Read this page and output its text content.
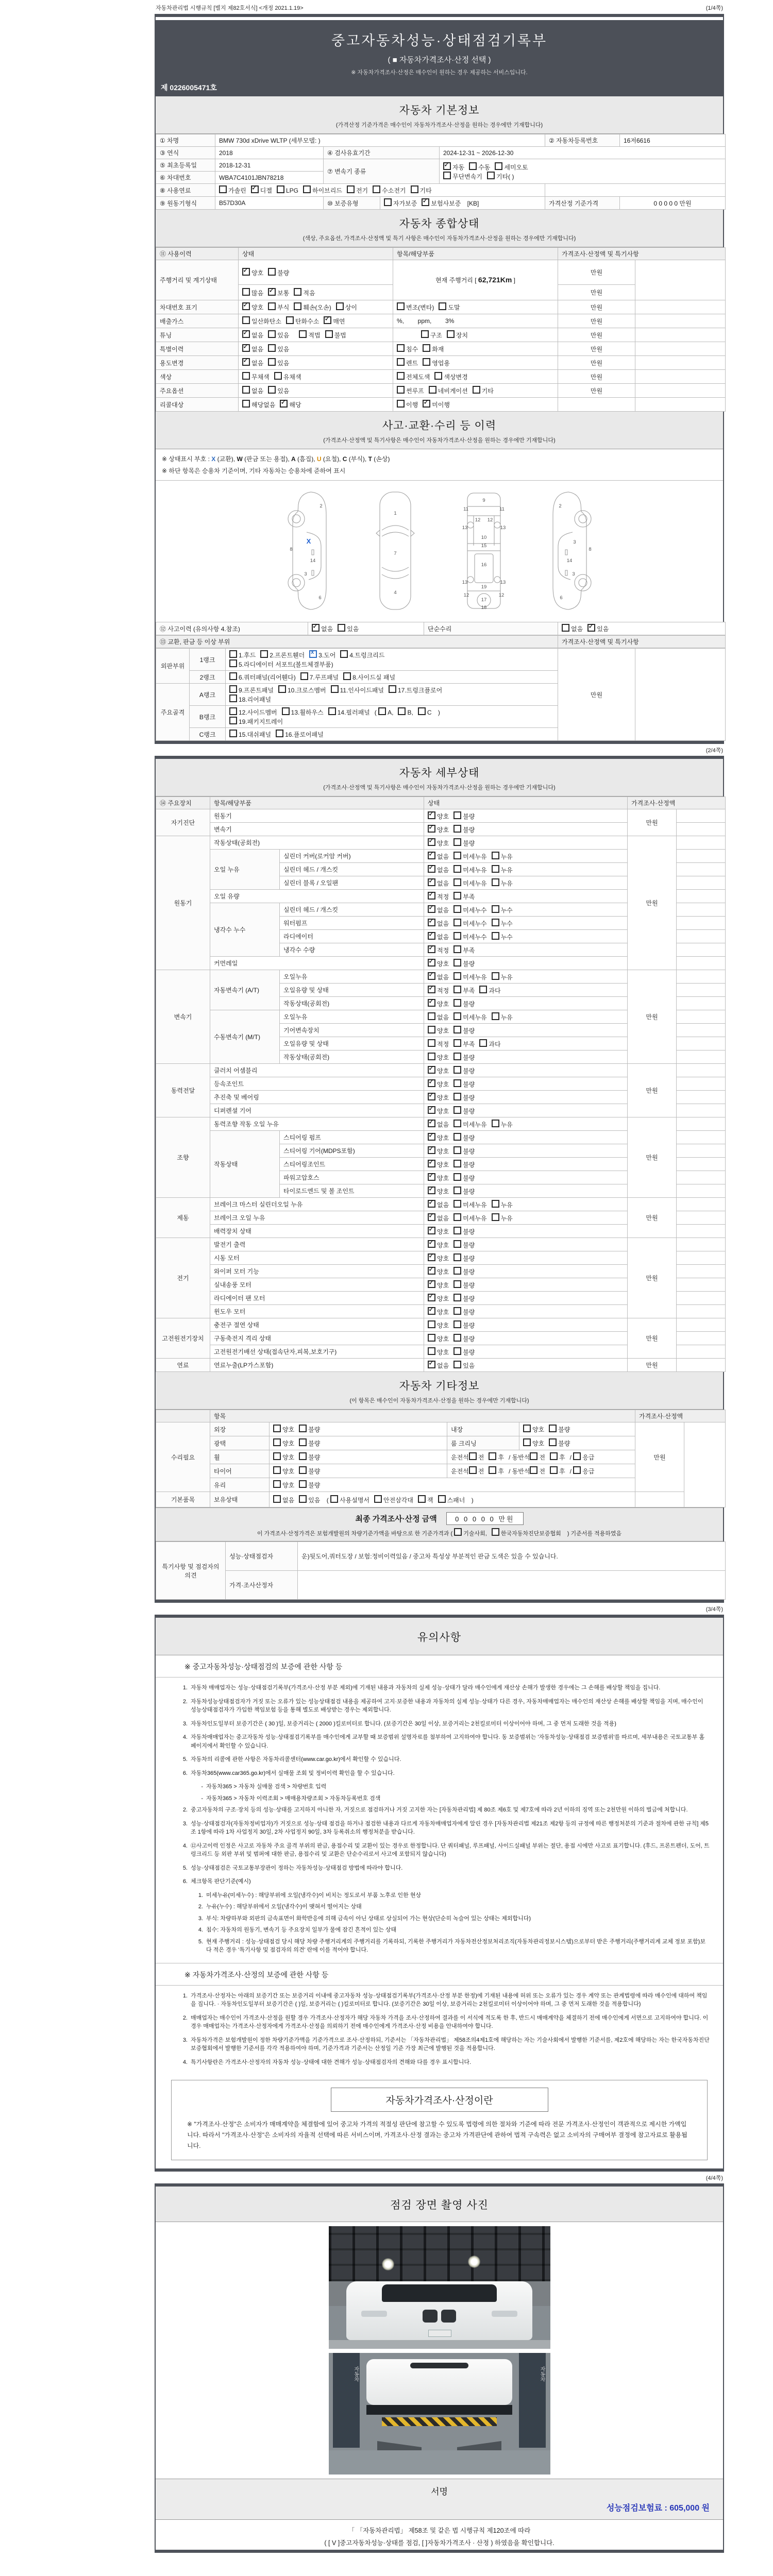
자동차관리법 시행규칙 [별지 제82호서식] <개정 2021.1.19>	(1/4쪽)
중고자동차성능·상태점검기록부
( ■ 자동차가격조사·산정 선택 )
※ 자동차가격조사·산정은 매수인이 원하는 경우 제공하는 서비스입니다.
제 0226005471호
자동차 기본정보
(가격산정 기준가격은 매수인이 자동차가격조사·산정을 원하는 경우에만 기재합니다)
① 차명	BMW 730d xDrive WLTP (세부모델: )				② 자동차등록번호	16저6616
③ 연식	2018	④ 검사유효기간		2024-12-31 ~ 2026-12-30		
⑤ 최초등록일	2018-12-31	⑦ 변속기 종류	✓자동 수동 세미오토
무단변속기 기타( )
⑥ 차대번호	WBA7C4101JBN78218					
⑧ 사용연료	가솔린 ✓ 디젤 LPG 하이브리드 전기 수소전기 기타	
⑨ 원동기형식	B57D30A	⑩ 보증유형	자가보증 ✓ 보험사보증 [KB]		가격산정 기준가격	0 0 0 0 0 만원
자동차 종합상태
(색상, 주요옵션, 가격조사·산정액 및 특기 사항은 매수인이 자동차가격조사·산정을 원하는 경우에만 기재합니다)
⑪ 사용이력	상태	항목/해당부품	가격조사·산정액 및 특기사항	
주행거리 및 계기상태	✓양호 불량	현재 주행거리 [ 62,721Km ]	만원	
	많음 ✓ 보통 적음		만원	
차대번호 표기	✓양호 부식 훼손(오손) 상이	변조(변타) 도말	만원	
배출가스	일산화탄소 탄화수소 ✓ 매연	%,        ppm,        3%	만원	
튜닝	✓없음 있음 적법 불법	구조 장치	만원	
특별이력	✓없음 있음	침수 화재	만원	
용도변경	✓없음 있음	렌트 영업용	만원	
색상	무채색 유채색	전체도색 색상변경	만원	
주요옵션	없음 있음	썬루프 네비게이션 기타	만원	
리콜대상	해당없음 ✓ 해당	이행 ✓ 미이행		
사고·교환·수리 등 이력
(가격조사·산정액 및 특기사항은 매수인이 자동차가격조사·산정을 원하는 경우에만 기재합니다)
※ 상태표시 부호 : X (교환), W (판금 또는 용접), A (흠집), U (요철), C (부식), T (손상)
※ 하단 항목은 승용차 기준이며, 기타 자동차는 승용차에 준하여 표시
2
8
X
14
3
6
1
7
4
9
11	11
12 12
13	13
10
15
16
13	13
19
12	12
17
18
2
8
3
14
3
6
⑫ 사고이력 (유의사항 4.참조)	✓없음 있음	단순수리	없음 ✓ 있음
⑬ 교환, 판금 등 이상 부위	가격조사·산정액 및 특기사항
외판부위	1랭크	1.후드 2.프론트휀더 x 3.도어 4.트렁크리드
5.라디에이터 서포트(볼트체결부품)	만원	
	2랭크	6.쿼터패널(리어휀다) 7.루프패널 8.사이드실 패널		
주요골격	A랭크	9.프론트패널 10.크로스멤버 11.인사이드패널 17.트렁크플로어
18.리어패널		
	B랭크	12.사이드멤버 13.휠하우스 14.필러패널 ( A, B, C )
19.패키지트레이		
	C랭크	15.대쉬패널 16.플로어패널		
(2/4쪽)
자동차 세부상태
(가격조사·산정액 및 특기사항은 매수인이 자동차가격조사·산정을 원하는 경우에만 기재합니다)
⑭ 주요장치	항목/해당부품		상태	가격조사·산정액	
자기진단	원동기	✓양호 불량	만원	
	변속기	✓양호 불량	
원동기	작동상태(공회전)	✓양호 불량	만원	
	오일 누유	실린더 커버(로커암 커버)	✓없음 미세누유 누유	
		실린더 헤드 / 개스킷	✓없음 미세누유 누유	
		실린더 블록 / 오일팬	✓없음 미세누유 누유	
	오일 유량	✓적정 부족	
	냉각수 누수	실린더 헤드 / 개스킷	✓없음 미세누수 누수	
		워터펌프	✓없음 미세누수 누수	
		라디에이터	✓없음 미세누수 누수	
		냉각수 수량	✓적정 부족	
	커먼레일	✓양호 불량	
변속기	자동변속기 (A/T)	오일누유	✓없음 미세누유 누유	만원	
		오일유량 및 상태	✓적정 부족 과다	
		작동상태(공회전)	✓양호 불량	
	수동변속기 (M/T)	오일누유	없음 미세누유 누유		
		기어변속장치	양호 불량		
		오일유량 및 상태	적정 부족 과다		
		작동상태(공회전)	양호 불량		
동력전달	클러치 어셈블리	✓양호 불량	만원	
	등속조인트	✓양호 불량	
	추진축 및 베어링	✓양호 불량	
	디퍼렌셜 기어	✓양호 불량	
조향	동력조향 작동 오일 누유	✓없음 미세누유 누유	만원	
	작동상태	스티어링 펌프	✓양호 불량	
		스티어링 기어(MDPS포함)	✓양호 불량	
		스티어링조인트	✓양호 불량	
		파워고압호스	✓양호 불량	
		타이로드엔드 및 볼 조인트	✓양호 불량	
제동	브레이크 마스터 실린더오일 누유	✓없음 미세누유 누유	만원	
	브레이크 오일 누유	✓없음 미세누유 누유	
	배력장치 상태	✓양호 불량	
전기	발전기 출력	✓양호 불량	만원	
	시동 모터	✓양호 불량	
	와이퍼 모터 기능	✓양호 불량	
	실내송풍 모터	✓양호 불량	
	라디에이터 팬 모터	✓양호 불량	
	윈도우 모터	✓양호 불량	
고전원전기장치	충전구 절연 상태		양호 불량	만원	
	구동축전지 격리 상태		양호 불량		
	고전원전기배선 상태(접속단자,피복,보호기구)		양호 불량		
연료	연료누출(LP가스포함)	✓없음 있음	만원	
자동차 기타정보
(이 항목은 매수인이 자동차가격조사·산정을 원하는 경우에만 기재합니다)
	항목				가격조사·산정액	
수리필요	외장	양호 불량	내장	양호 불량	만원	
	광택	양호 불량	룸 크리닝	양호 불량		
	휠	양호 불량	운전석 전 후 / 동반석 전 후 / 응급			
	타이어	양호 불량	운전석 전 후 / 동반석 전 후 / 응급			
	유리	양호 불량				
기본품목	보유상태	없음 있음 ( 사용설명서 안전삼각대 잭 스패너 )				
최종 가격조사·산정 금액	0 0 0 0 0 만원
이 가격조사·산정가격은 보험개발원의 차량기준가액을 바탕으로 한 기준가격과 ( 기술사회, 한국자동차진단보증협회 ) 기준서를 적용하였음
특기사항 및 점검자의 의견	성능·상태점검자	운)뒷도어,쿼터도장 / 보험:정비이력있음 / 중고차 특성상 부분적인 판금 도색은 있을 수 있습니다.
	가격·조사산정자	
(3/4쪽)
유의사항
※ 중고자동차성능·상태점검의 보증에 관한 사항 등
1. 자동차 매매업자는 성능·상태점검기록부(가격조사·산정 부분 제외)에 기재된 내용과 자동차의 실제 성능·상태가 달라 매수인에게 재산상 손해가 발생한 경우에는 그 손해를 배상할 책임을 집니다.
2. 자동차성능상태점검자가 거짓 또는 오류가 있는 성능상태점검 내용을 제공하여 고지·보증한 내용과 자동차의 실제 성능·상태가 다른 경우, 자동차매매업자는 매수인의 재산상 손해를 배상할 책임을 지며, 매수인이 성능상태점검자가 가입한 책임보험 등을 통해 별도로 배상받는 경우는 제외합니다.
3. 자동차인도일부터 보증기간은 ( 30 )일, 보증거리는 ( 2000 )킬로미터로 합니다. (보증기간은 30일 이상, 보증거리는 2천킬로미터 이상이어야 하며, 그 중 먼저 도래한 것을 적용)
4. 자동차매매업자는 중고자동차 성능·상태점검기록부를 매수인에게 교부할 때 보증범위 설명자료를 첨부하여 고지하여야 합니다. 동 보증범위는 '자동차성능·상태점검 보증범위'를 따르며, 세부내용은 국토교통부 홈페이지에서 확인할 수 있습니다.
5. 자동차의 리콜에 관한 사항은 자동차리콜센터(www.car.go.kr)에서 확인할 수 있습니다.
6. 자동차365(www.car365.go.kr)에서 실매물 조회 및 정비이력 확인을 할 수 있습니다.
- 자동차365 > 자동차 실매물 검색 > 차량번호 입력
- 자동차365 > 자동차 이력조회 > 매매용차량조회 > 자동차등록번호 검색
2. 중고자동차의 구조·장치 등의 성능·상태를 고지하지 아니한 자, 거짓으로 점검하거나 거짓 고지한 자는 [자동차관리법] 제 80조 제6호 및 제7호에 따라 2년 이하의 징역 또는 2천만원 이하의 벌금에 처합니다.
3. 성능·상태점검자(자동차정비업자)가 거짓으로 성능·상태 점검을 하거나 점검한 내용과 다르게 자동차매매업자에게 알린 경우 [자동차관리법 제21조 제2항 등의 규정에 따른 행정처분의 기준과 절차에 관한 규칙] 제5조 1항에 따라 1차 사업정지 30일, 2차 사업정지 90일, 3차 등록취소의 행정처분을 받습니다.
4. ⑫사고이력 인정은 사고로 자동차 주요 골격 부위의 판금, 용접수리 및 교환이 있는 경우로 한정합니다. 단 쿼터패널, 루프패널, 사이드실패널 부위는 절단, 용접 시에만 사고로 표기합니다. (후드, 프론트펜더, 도어, 트렁크리드 등 외판 부위 및 범퍼에 대한 판금, 용접수리 및 교환은 단순수리로서 사고에 포함되지 않습니다)
5. 성능·상태점검은 국토교통부장관이 정하는 자동차성능·상태점검 방법에 따라야 합니다.
6. 체크항목 판단기준(예시)
1. 미세누유(미세누수) : 해당부위에 오일(냉각수)이 비치는 정도로서 부품 노후로 인한 현상
2. 누유(누수) : 해당부위에서 오일(냉각수)이 맺혀서 떨어지는 상태
3. 부식: 차량하부와 외판의 금속표면이 화학반응에 의해 금속이 아닌 상태로 상실되어 가는 현상(단순히 녹슬어 있는 상태는 제외합니다)
4. 침수: 자동차의 원동기, 변속기 등 주요장치 일부가 물에 잠긴 흔적이 있는 상태
5. 현재 주행거리 : 성능·상태점검 당시 해당 차량 주행거리계의 주행거리를 기록하되, 기록한 주행거리가 자동차전산정보처리조직(자동차관리정보시스템)으로부터 받은 주행거리(주행거리계 교체 정보 포함)보다 적은 경우 '특기사항 및 점검자의 의견' 란에 이를 적어야 합니다.
※ 자동차가격조사·산정의 보증에 관한 사항 등
1. 가격조사·산정자는 아래의 보증기간 또는 보증거리 이내에 중고자동차 성능·상태점검기록부(가격조사·산정 부분 한정)에 기재된 내용에 허위 또는 오류가 있는 경우 계약 또는 관계법령에 따라 매수인에 대하여 책임을 집니다. · 자동차인도일부터 보증기간은 ( )일, 보증거리는 ( )킬로미터로 합니다. (보증기간은 30일 이상, 보증거리는 2천킬로미터 이상이어야 하며, 그 중 먼저 도래한 것을 적용합니다)
2. 매매업자는 매수인이 가격조사·산정을 원할 경우 가격조사·산정자가 해당 자동차 가격을 조사·산정하여 결과를 이 서식에 적도록 한 후, 반드시 매매계약을 체결하기 전에 매수인에게 서면으로 고지하여야 합니다. 이 경우 매매업자는 가격조사·산정자에게 가격조사·산정을 의뢰하기 전에 매수인에게 가격조사·산정 비용을 안내하여야 합니다.
3. 자동차가격은 보험개발원이 정한 차량기준가액을 기준가격으로 조사·산정하되, 기준서는 「자동차관리법」 제58조의4제1호에 해당하는 자는 기술사회에서 발행한 기준서를, 제2호에 해당하는 자는 한국자동차진단보증협회에서 발행한 기준서를 각각 적용하여야 하며, 기준가격과 기준서는 산정일 기준 가장 최근에 발행된 것을 적용합니다.
4. 특기사항란은 가격조사·산정자의 자동차 성능·상태에 대한 견해가 성능·상태점검자의 견해와 다를 경우 표시합니다.
자동차가격조사·산정이란
※ "가격조사·산정"은 소비자가 매매계약을 체결함에 있어 중고차 가격의 적절성 판단에 참고할 수 있도록 법령에 의한 절차와 기준에 따라 전문 가격조사·산정인이 객관적으로 제시한 가액입니다. 따라서 "가격조사·산정"은 소비자의 자율적 선택에 따른 서비스이며, 가격조사·산정 결과는 중고차 가격판단에 관하여 법적 구속력은 없고 소비자의 구매여부 결정에 참고자료로 활용됩니다.
(4/4쪽)
점검 장면 촬영 사진
자동차	자동차
서명
성능점검보험료 : 605,000 원
「 「자동차관리법」 제58조 및 같은 법 시행규칙 제120조에 따라
( [ V ]중고자동차성능·상태를 점검, [ ]자동차가격조사 · 산정 ) 하였음을 확인합니다.
